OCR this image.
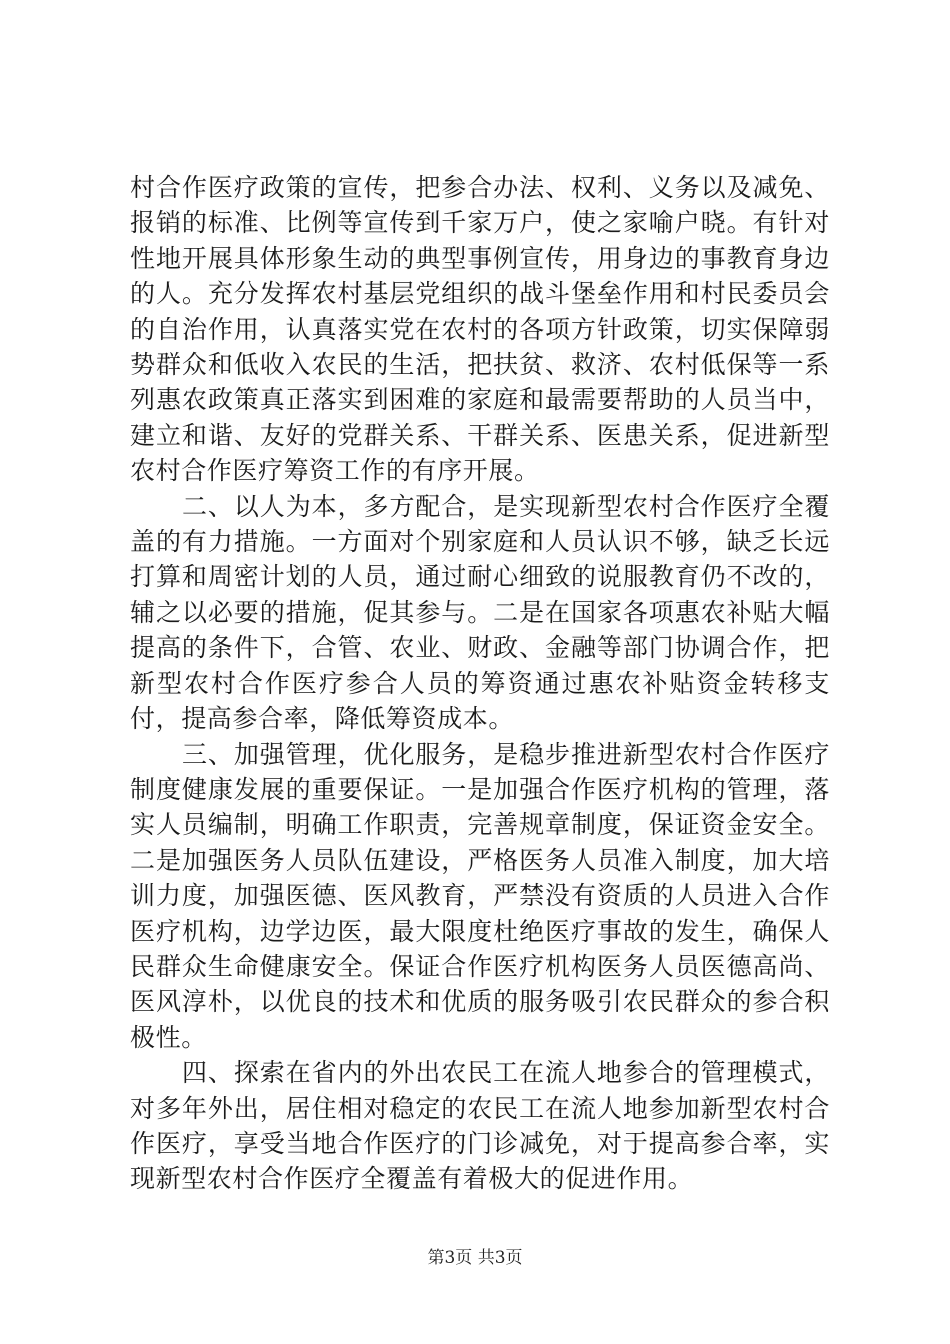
村合作医疗政策的宣传，把参合办法、权利、义务以及减免、报销的标准、比例等宣传到千家万户，使之家喻户晓。有针对性地开展具体形象生动的典型事例宣传，用身边的事教育身边的人。充分发挥农村基层党组织的战斗堡垒作用和村民委员会的自治作用，认真落实党在农村的各项方针政策，切实保障弱势群众和低收入农民的生活，把扶贫、救济、农村低保等一系列惠农政策真正落实到困难的家庭和最需要帮助的人员当中，建立和谐、友好的党群关系、干群关系、医患关系，促进新型农村合作医疗筹资工作的有序开展。

二、以人为本，多方配合，是实现新型农村合作医疗全覆盖的有力措施。一方面对个别家庭和人员认识不够，缺乏长远打算和周密计划的人员，通过耐心细致的说服教育仍不改的，辅之以必要的措施，促其参与。二是在国家各项惠农补贴大幅提高的条件下，合管、农业、财政、金融等部门协调合作，把新型农村合作医疗参合人员的筹资通过惠农补贴资金转移支付，提高参合率，降低筹资成本。

三、加强管理，优化服务，是稳步推进新型农村合作医疗制度健康发展的重要保证。一是加强合作医疗机构的管理，落实人员编制，明确工作职责，完善规章制度，保证资金安全。二是加强医务人员队伍建设，严格医务人员准入制度，加大培训力度，加强医德、医风教育，严禁没有资质的人员进入合作医疗机构，边学边医，最大限度杜绝医疗事故的发生，确保人民群众生命健康安全。保证合作医疗机构医务人员医德高尚、医风淳朴，以优良的技术和优质的服务吸引农民群众的参合积极性。

四、探索在省内的外出农民工在流人地参合的管理模式，对多年外出，居住相对稳定的农民工在流人地参加新型农村合作医疗，享受当地合作医疗的门诊减免，对于提高参合率，实现新型农村合作医疗全覆盖有着极大的促进作用。

第3页 共3页
